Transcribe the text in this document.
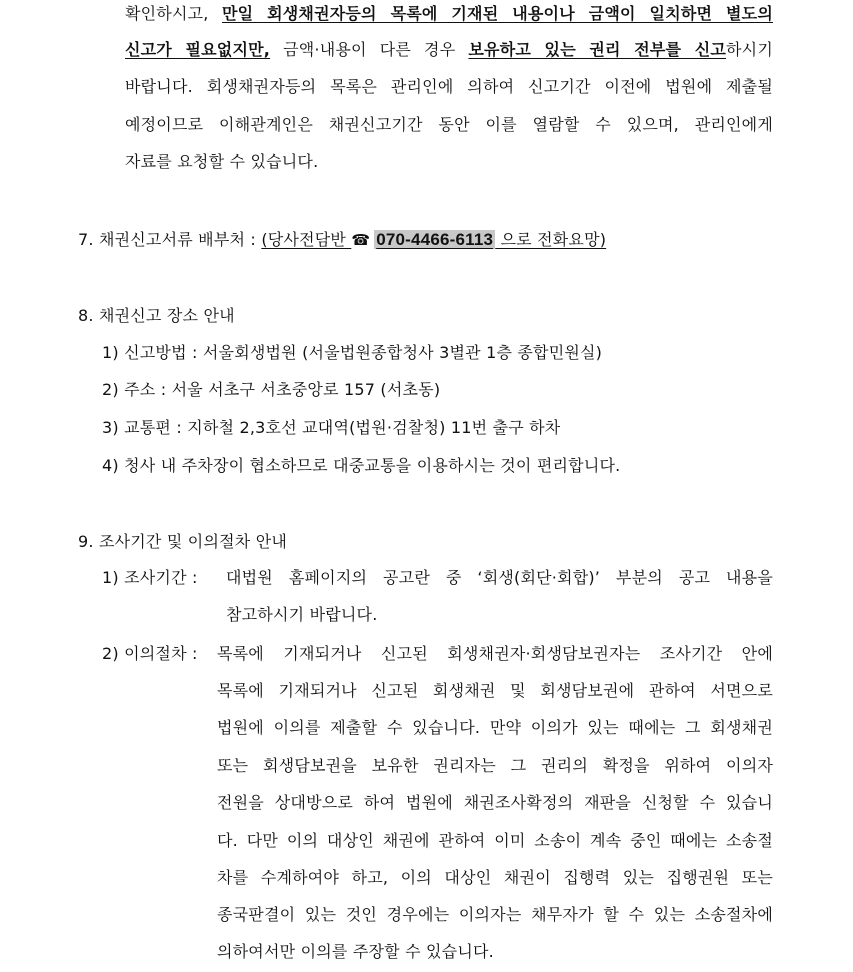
확인하시고, 만일 회생채권자등의 목록에 기재된 내용이나 금액이 일치하면 별도의
신고가 필요없지만, 금액·내용이 다른 경우 보유하고 있는 권리 전부를 신고하시기
바랍니다. 회생채권자등의 목록은 관리인에 의하여 신고기간 이전에 법원에 제출될
예정이므로 이해관계인은 채권신고기간 동안 이를 열람할 수 있으며, 관리인에게
자료를 요청할 수 있습니다.
7. 채권신고서류 배부처 : (당사전담반 ☎ 070-4466-6113 으로 전화요망)
8. 채권신고 장소 안내
1) 신고방법 : 서울회생법원 (서울법원종합청사 3별관 1층 종합민원실)
2) 주소 : 서울 서초구 서초중앙로 157 (서초동)
3) 교통편 : 지하철 2,3호선 교대역(법원·검찰청) 11번 출구 하차
4) 청사 내 주차장이 협소하므로 대중교통을 이용하시는 것이 편리합니다.
9. 조사기간 및 이의절차 안내
1) 조사기간 : 대법원 홈페이지의 공고란 중 ‘회생(회단·회합)’ 부분의 공고 내용을
참고하시기 바랍니다.
2) 이의절차 : 목록에 기재되거나 신고된 회생채권자·회생담보권자는 조사기간 안에
목록에 기재되거나 신고된 회생채권 및 회생담보권에 관하여 서면으로
법원에 이의를 제출할 수 있습니다. 만약 이의가 있는 때에는 그 회생채권
또는 회생담보권을 보유한 권리자는 그 권리의 확정을 위하여 이의자
전원을 상대방으로 하여 법원에 채권조사확정의 재판을 신청할 수 있습니
다. 다만 이의 대상인 채권에 관하여 이미 소송이 계속 중인 때에는 소송절
차를 수계하여야 하고, 이의 대상인 채권이 집행력 있는 집행권원 또는
종국판결이 있는 것인 경우에는 이의자는 채무자가 할 수 있는 소송절차에
의하여서만 이의를 주장할 수 있습니다.
